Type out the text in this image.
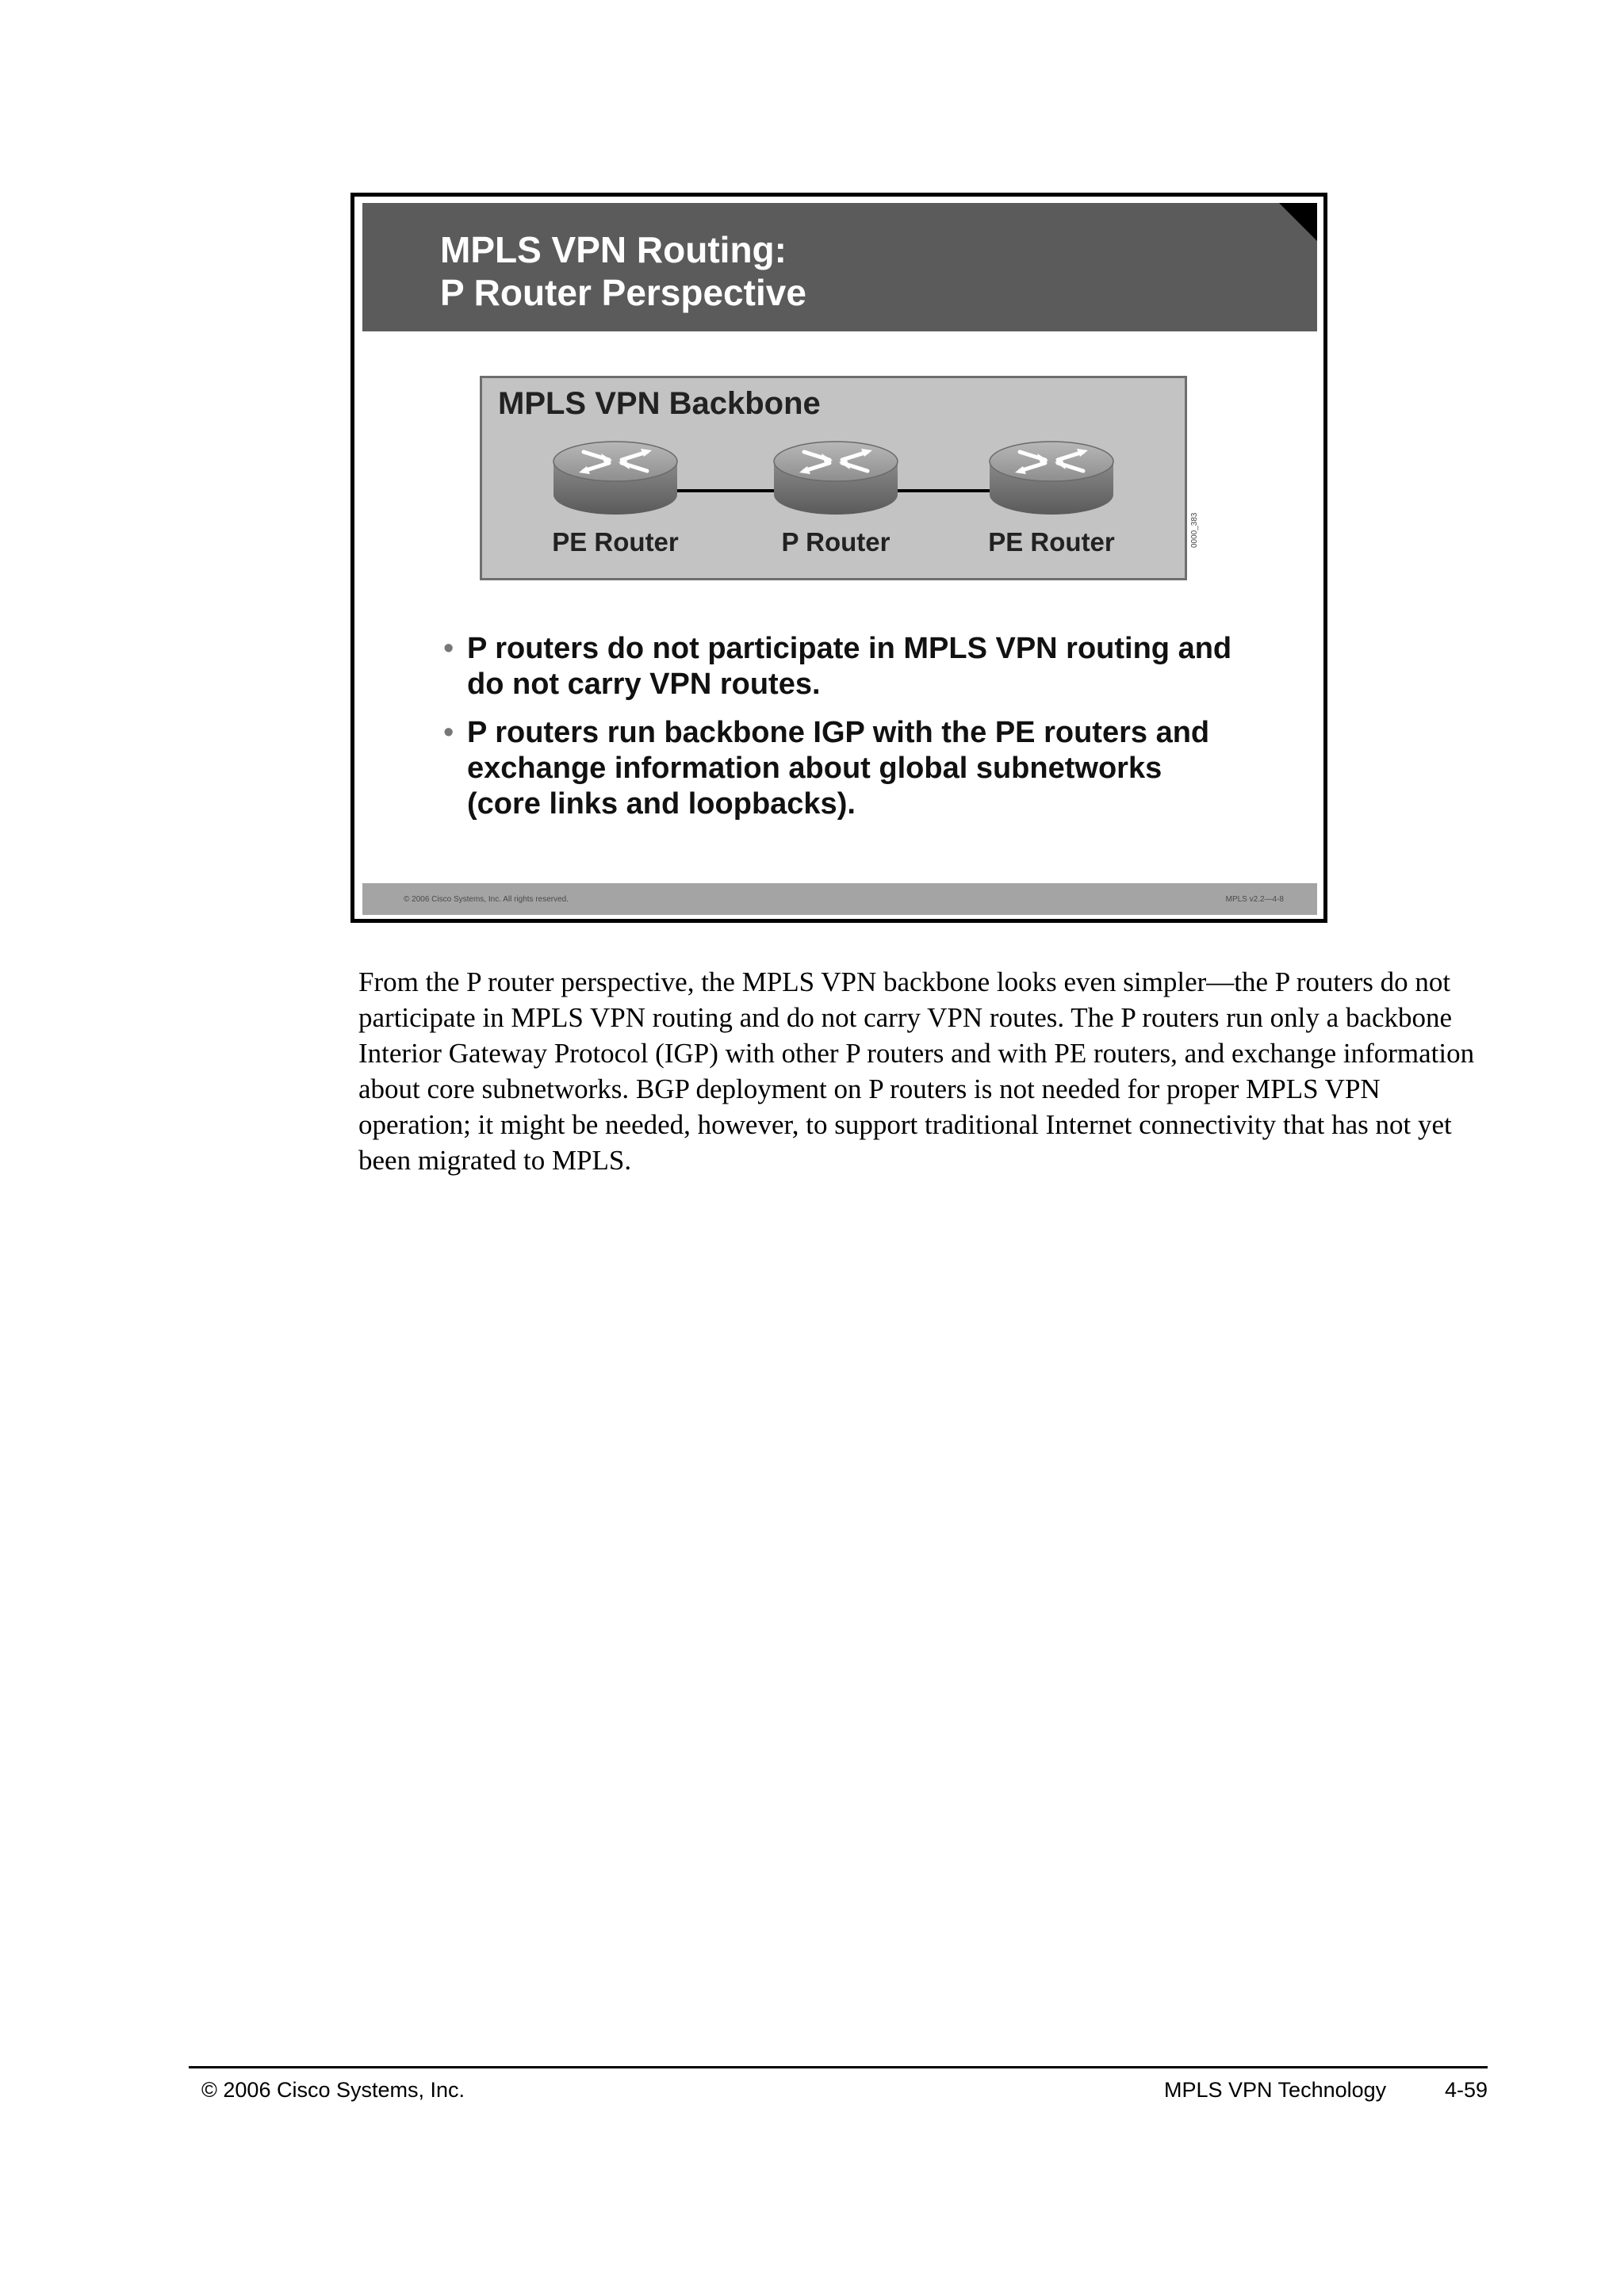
MPLS VPN Routing:
P Router Perspective
MPLS VPN Backbone
PE Router	P Router	PE Router	0000_383
• P routers do not participate in MPLS VPN routing and do not carry VPN routes.
• P routers run backbone IGP with the PE routers and exchange information about global subnetworks (core links and loopbacks).
© 2006 Cisco Systems, Inc. All rights reserved.	MPLS v2.2—4-8

From the P router perspective, the MPLS VPN backbone looks even simpler—the P routers do not participate in MPLS VPN routing and do not carry VPN routes. The P routers run only a backbone Interior Gateway Protocol (IGP) with other P routers and with PE routers, and exchange information about core subnetworks. BGP deployment on P routers is not needed for proper MPLS VPN operation; it might be needed, however, to support traditional Internet connectivity that has not yet been migrated to MPLS.

© 2006 Cisco Systems, Inc.	MPLS VPN Technology	4-59
